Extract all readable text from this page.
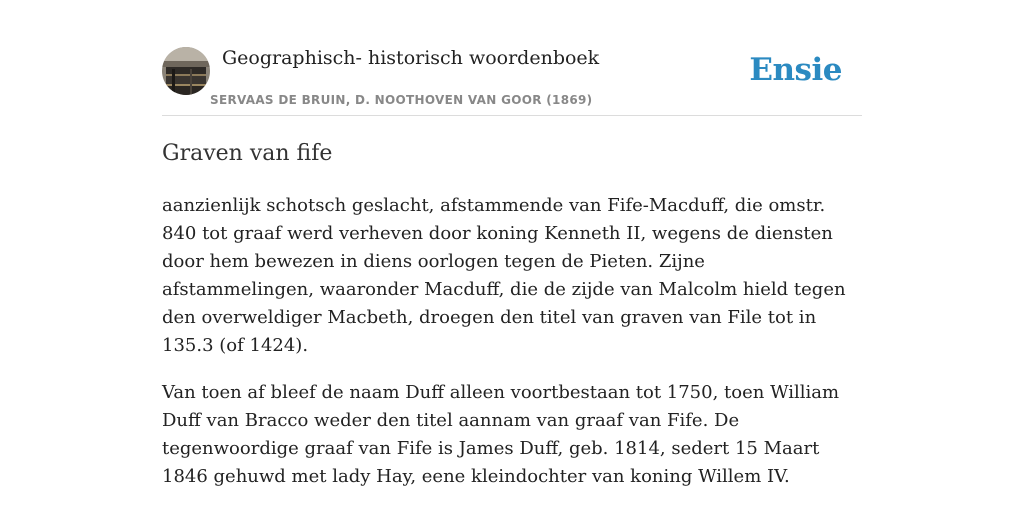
Geographisch- historisch woordenboek
SERVAAS DE BRUIN, D. NOOTHOVEN VAN GOOR (1869)
Ensie
Graven van fife

aanzienlijk schotsch geslacht, afstammende van Fife-Macduff, die omstr. 840 tot graaf werd verheven door koning Kenneth II, wegens de diensten door hem bewezen in diens oorlogen tegen de Pieten. Zijne afstammelingen, waaronder Macduff, die de zijde van Malcolm hield tegen den overweldiger Macbeth, droegen den titel van graven van File tot in 135.3 (of 1424).

Van toen af bleef de naam Duff alleen voortbestaan tot 1750, toen William Duff van Bracco weder den titel aannam van graaf van Fife. De tegenwoordige graaf van Fife is James Duff, geb. 1814, sedert 15 Maart 1846 gehuwd met lady Hay, eene kleindochter van koning Willem IV.
